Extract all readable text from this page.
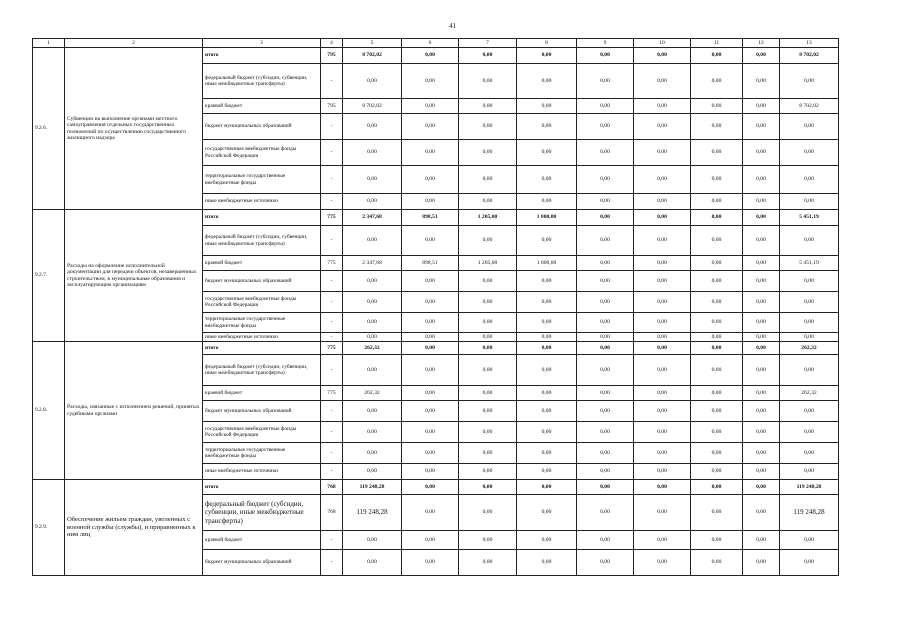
41
1	2	3	4	5	6	7	8	9	10	11	12	13
9.2.6.	Субвенции на выполнение органами местного самоуправления отдельных государственных полномочий по осуществлению государственного жилищного надзора	итого	795	8 702,02	0,00	0,00	0,00	0,00	0,00	0,00	0,00	8 702,02
		федеральный бюджет (субсидии, субвенции, иные межбюджетные трансферты)	-	0,00	0,00	0,00	0,00	0,00	0,00	0,00	0,00	0,00
		краевой бюджет	795	8 702,02	0,00	0,00	0,00	0,00	0,00	0,00	0,00	8 702,02
		бюджет муниципальных образований	-	0,00	0,00	0,00	0,00	0,00	0,00	0,00	0,00	0,00
		государственные внебюджетные фонды Российской Федерации	-	0,00	0,00	0,00	0,00	0,00	0,00	0,00	0,00	0,00
		территориальные государственные внебюджетные фонды	-	0,00	0,00	0,00	0,00	0,00	0,00	0,00	0,00	0,00
		иные внебюджетные источники	-	0,00	0,00	0,00	0,00	0,00	0,00	0,00	0,00	0,00
9.2.7.	Расходы на оформление исполнительной документации для передачи объектов, незавершенных строительством, в муниципальные образования и эксплуатирующим организациям	итого	775	2 347,68	898,51	1 205,00	1 000,00	0,00	0,00	0,00	0,00	5 451,19
		федеральный бюджет (субсидии, субвенции, иные межбюджетные трансферты)	-	0,00	0,00	0,00	0,00	0,00	0,00	0,00	0,00	0,00
		краевой бюджет	775	2 347,68	898,51	1 205,00	1 000,00	0,00	0,00	0,00	0,00	5 451,19
		бюджет муниципальных образований	-	0,00	0,00	0,00	0,00	0,00	0,00	0,00	0,00	0,00
		государственные внебюджетные фонды Российской Федерации	-	0,00	0,00	0,00	0,00	0,00	0,00	0,00	0,00	0,00
		территориальные государственные внебюджетные фонды	-	0,00	0,00	0,00	0,00	0,00	0,00	0,00	0,00	0,00
		иные внебюджетные источники	-	0,00	0,00	0,00	0,00	0,00	0,00	0,00	0,00	0,00
9.2.8.	Расходы, связанные с исполнением решений, принятых судебными органами	итого	775	262,32	0,00	0,00	0,00	0,00	0,00	0,00	0,00	262,32
		федеральный бюджет (субсидии, субвенции, иные межбюджетные трансферты)	-	0,00	0,00	0,00	0,00	0,00	0,00	0,00	0,00	0,00
		краевой бюджет	775	262,32	0,00	0,00	0,00	0,00	0,00	0,00	0,00	262,32
		бюджет муниципальных образований	-	0,00	0,00	0,00	0,00	0,00	0,00	0,00	0,00	0,00
		государственные внебюджетные фонды Российской Федерации	-	0,00	0,00	0,00	0,00	0,00	0,00	0,00	0,00	0,00
		территориальные государственные внебюджетные фонды	-	0,00	0,00	0,00	0,00	0,00	0,00	0,00	0,00	0,00
		иные внебюджетные источники	-	0,00	0,00	0,00	0,00	0,00	0,00	0,00	0,00	0,00
9.2.9.	Обеспечение жильем граждан, уволенных с военной службы (службы), и приравненных к ним лиц	итого	768	119 248,28	0,00	0,00	0,00	0,00	0,00	0,00	0,00	119 248,28
		федеральный бюджет (субсидии, субвенции, иные межбюджетные трансферты)	768	119 248,28	0,00	0,00	0,00	0,00	0,00	0,00	0,00	119 248,28
		краевой бюджет	-	0,00	0,00	0,00	0,00	0,00	0,00	0,00	0,00	0,00
		бюджет муниципальных образований	-	0,00	0,00	0,00	0,00	0,00	0,00	0,00	0,00	0,00
